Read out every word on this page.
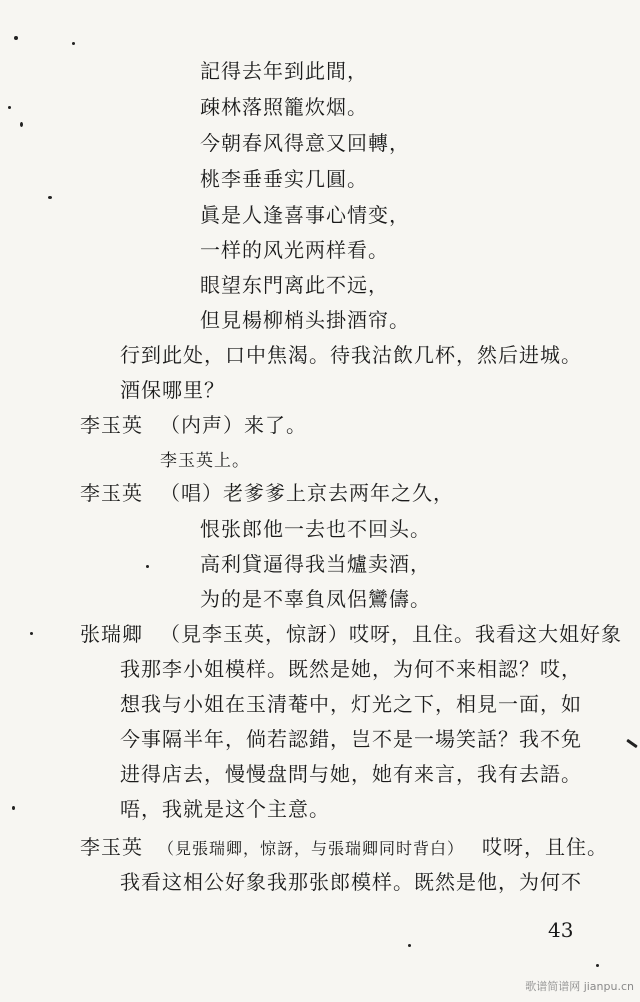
記得去年到此間，
疎林落照籠炊烟。
今朝春风得意又回轉，
桃李垂垂实几圓。
眞是人逢喜事心情变，
一样的风光两样看。
眼望东門离此不远，
但見楊柳梢头掛酒帘。
行到此处，口中焦渴。待我沽飲几杯，然后进城。
酒保哪里？
李玉英 （内声）来了。
李玉英上。
李玉英 （唱）老爹爹上京去两年之久，
恨张郎他一去也不回头。
高利貸逼得我当爐卖酒，
为的是不辜負凤侶鸞儔。
张瑞卿 （見李玉英，惊訝）哎呀，且住。我看这大姐好象
我那李小姐模样。既然是她，为何不来相認？哎，
想我与小姐在玉清菴中，灯光之下，相見一面，如
今事隔半年，倘若認錯，岂不是一場笑話？我不免
进得店去，慢慢盘問与她，她有来言，我有去語。
唔，我就是这个主意。
李玉英 （見張瑞卿，惊訝，与張瑞卿同时背白） 哎呀，且住。
我看这相公好象我那张郎模样。既然是他，为何不
43
歌谱简谱网 jianpu.cn
